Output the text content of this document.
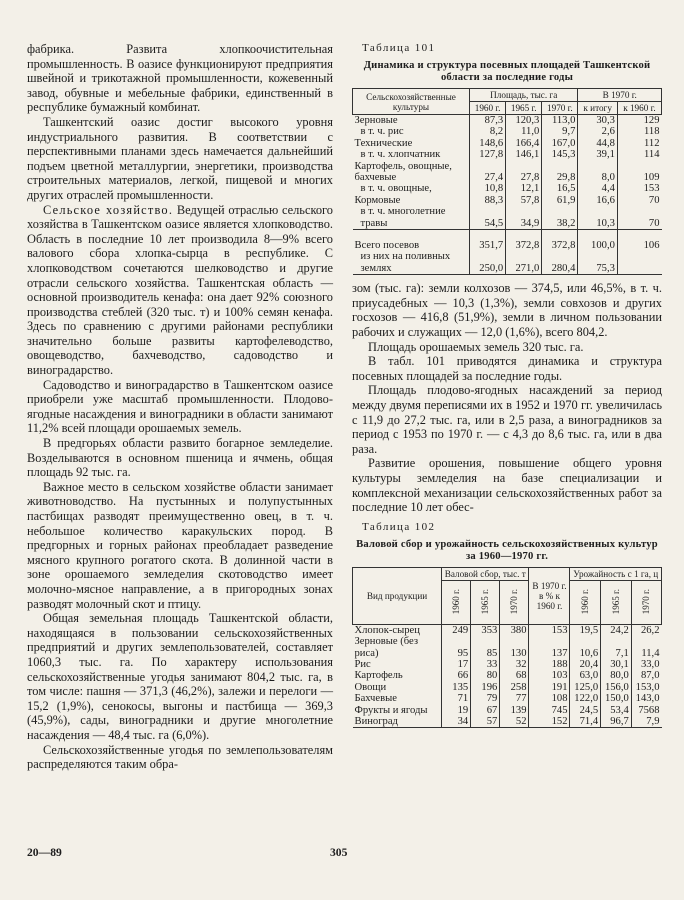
фабрика. Развита хлопкоочистительная промышленность. В оазисе функционируют предприятия швейной и трикотажной промышленности, кожевенный завод, обувные и мебельные фабрики, единственный в республике бумажный комбинат.

Ташкентский оазис достиг высокого уровня индустриального развития. В соответствии с перспективными планами здесь намечается дальнейший подъем цветной металлургии, энергетики, производства строительных материалов, легкой, пищевой и многих других отраслей промышленности.

Сельское хозяйство. Ведущей отраслью сельского хозяйства в Ташкентском оазисе является хлопководство. Область в последние 10 лет производила 8—9% всего валового сбора хлопка-сырца в республике. С хлопководством сочетаются шелководство и другие отрасли сельского хозяйства. Ташкентская область — основной производитель кенафа: она дает 92% союзного производства стеблей (320 тыс. т) и 100% семян кенафа. Здесь по сравнению с другими районами республики значительно больше развиты картофелеводство, овощеводство, бахчеводство, садоводство и виноградарство.

Садоводство и виноградарство в Ташкентском оазисе приобрели уже масштаб промышленности. Плодово-ягодные насаждения и виноградники в области занимают 11,2% всей площади орошаемых земель.

В предгорьях области развито богарное земледелие. Возделываются в основном пшеница и ячмень, общая площадь 92 тыс. га.

Важное место в сельском хозяйстве области занимает животноводство. На пустынных и полупустынных пастбищах разводят преимущественно овец, в т. ч. небольшое количество каракульских пород. В предгорных и горных районах преобладает разведение мясного крупного рогатого скота. В долинной части в зоне орошаемого земледелия скотоводство имеет молочно-мясное направление, а в пригородных зонах разводят молочный скот и птицу.

Общая земельная площадь Ташкентской области, находящаяся в пользовании сельскохозяйственных предприятий и других землепользователей, составляет 1060,3 тыс. га. По характеру использования сельскохозяйственные угодья занимают 804,2 тыс. га, в том числе: пашня — 371,3 (46,2%), залежи и перелоги — 15,2 (1,9%), сенокосы, выгоны и пастбища — 369,3 (45,9%), сады, виноградники и другие многолетние насаждения — 48,4 тыс. га (6,0%).

Сельскохозяйственные угодья по землепользователям распределяются таким обра-

Таблица 101
Динамика и структура посевных площадей Ташкентской области за последние годы
Сельскохозяйственные культуры	Площадь, тыс. га			В 1970 г.	
	1960 г.	1965 г.	1970 г.	к итогу	к 1960 г.
Зерновые	87,3	120,3	113,0	30,3	129
в т. ч. рис	8,2	11,0	9,7	2,6	118
Технические	148,6	166,4	167,0	44,8	112
в т. ч. хлопчатник	127,8	146,1	145,3	39,1	114
Картофель, овощные, бахчевые	27,4	27,8	29,8	8,0	109
в т. ч. овощные,	10,8	12,1	16,5	4,4	153
Кормовые	88,3	57,8	61,9	16,6	70
в т. ч. многолетние травы	54,5	34,9	38,2	10,3	70

Всего посевов	351,7	372,8	372,8	100,0	106
из них на поливных землях	250,0	271,0	280,4	75,3	

зом (тыс. га): земли колхозов — 374,5, или 46,5%, в т. ч. приусадебных — 10,3 (1,3%), земли совхозов и других госхозов — 416,8 (51,9%), земли в личном пользовании рабочих и служащих — 12,0 (1,6%), всего 804,2.

Площадь орошаемых земель 320 тыс. га.

В табл. 101 приводятся динамика и структура посевных площадей за последние годы.

Площадь плодово-ягодных насаждений за период между двумя переписями их в 1952 и 1970 гг. увеличилась с 11,9 до 27,2 тыс. га, или в 2,5 раза, а виноградников за период с 1953 по 1970 г. — с 4,3 до 8,6 тыс. га, или в два раза.

Развитие орошения, повышение общего уровня культуры земледелия на базе специализации и комплексной механизации сельскохозяйственных работ за последние 10 лет обес-

Таблица 102
Валовой сбор и урожайность сельскохозяйственных культур за 1960—1970 гг.
Вид продукции	Валовой сбор, тыс. т			В 1970 г. в % к 1960 г.	Урожайность с 1 га, ц		
	1960 г.	1965 г.	1970 г.		1960 г.	1965 г.	1970 г.
Хлопок-сырец	249	353	380	153	19,5	24,2	26,2
Зерновые (без риса)	95	85	130	137	10,6	7,1	11,4
Рис	17	33	32	188	20,4	30,1	33,0
Картофель	66	80	68	103	63,0	80,0	87,0
Овощи	135	196	258	191	125,0	156,0	153,0
Бахчевые	71	79	77	108	122,0	150,0	143,0
Фрукты и ягоды	19	67	139	745	24,5	53,4	7568
Виноград	34	57	52	152	71,4	96,7	7,9
20—89	305
